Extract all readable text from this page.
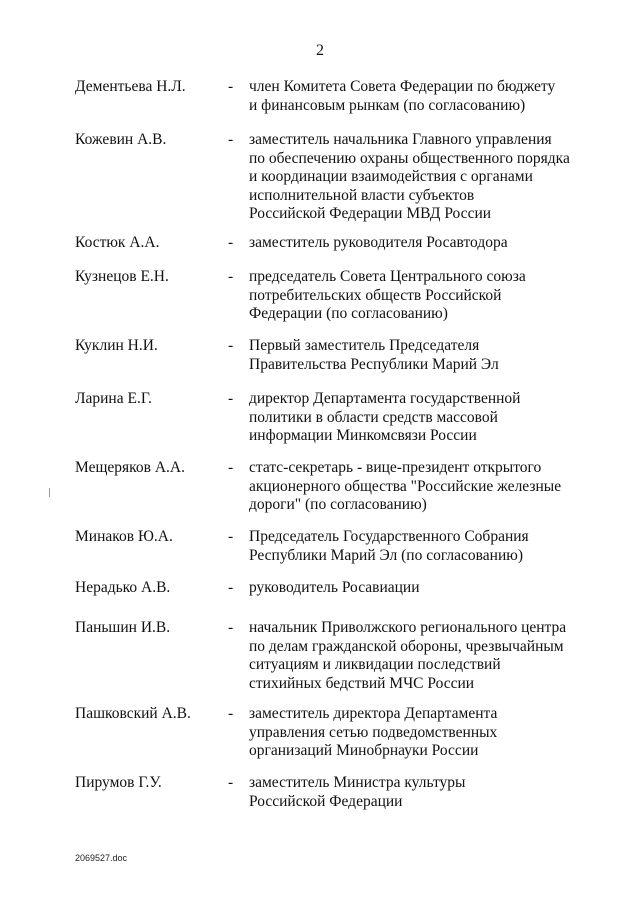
2
Дементьева Н.Л.	- член Комитета Совета Федерации по бюджету
и финансовым рынкам (по согласованию)
Кожевин А.В.	- заместитель начальника Главного управления
по обеспечению охраны общественного порядка
и координации взаимодействия с органами
исполнительной власти субъектов
Российской Федерации МВД России
Костюк А.А.	- заместитель руководителя Росавтодора
Кузнецов Е.Н.	- председатель Совета Центрального союза
потребительских обществ Российской
Федерации (по согласованию)
Куклин Н.И.	- Первый заместитель Председателя
Правительства Республики Марий Эл
Ларина Е.Г.	- директор Департамента государственной
политики в области средств массовой
информации Минкомсвязи России
Мещеряков А.А.	- статс-секретарь - вице-президент открытого
акционерного общества "Российские железные
дороги" (по согласованию)
Минаков Ю.А.	- Председатель Государственного Собрания
Республики Марий Эл (по согласованию)
Нерадько А.В.	- руководитель Росавиации
Паньшин И.В.	- начальник Приволжского регионального центра
по делам гражданской обороны, чрезвычайным
ситуациям и ликвидации последствий
стихийных бедствий МЧС России
Пашковский А.В. - заместитель директора Департамента
управления сетью подведомственных
организаций Минобрнауки России
Пирумов Г.У.	- заместитель Министра культуры
Российской Федерации
2069527.doc
